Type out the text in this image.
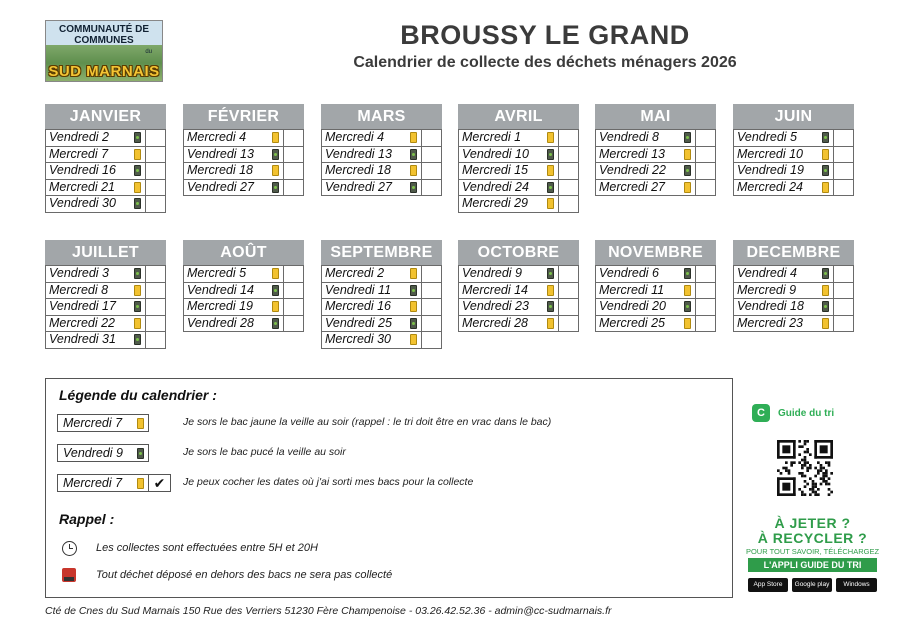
COMMUNAUTÉ DE
COMMUNES
du
SUD MARNAIS
BROUSSY LE GRAND
Calendrier de collecte des déchets ménagers 2026
JANVIER
Vendredi 2
Mercredi 7
Vendredi 16
Mercredi 21
Vendredi 30
FÉVRIER
Mercredi 4
Vendredi 13
Mercredi 18
Vendredi 27
MARS
Mercredi 4
Vendredi 13
Mercredi 18
Vendredi 27
AVRIL
Mercredi 1
Vendredi 10
Mercredi 15
Vendredi 24
Mercredi 29
MAI
Vendredi 8
Mercredi 13
Vendredi 22
Mercredi 27
JUIN
Vendredi 5
Mercredi 10
Vendredi 19
Mercredi 24
JUILLET
Vendredi 3
Mercredi 8
Vendredi 17
Mercredi 22
Vendredi 31
AOÛT
Mercredi 5
Vendredi 14
Mercredi 19
Vendredi 28
SEPTEMBRE
Mercredi 2
Vendredi 11
Mercredi 16
Vendredi 25
Mercredi 30
OCTOBRE
Vendredi 9
Mercredi 14
Vendredi 23
Mercredi 28
NOVEMBRE
Vendredi 6
Mercredi 11
Vendredi 20
Mercredi 25
DECEMBRE
Vendredi 4
Mercredi 9
Vendredi 18
Mercredi 23
Légende du calendrier :
Mercredi 7	Je sors le bac jaune la veille au soir (rappel : le tri doit être en vrac dans le bac)
Vendredi 9	Je sors le bac pucé la veille au soir
Mercredi 7	✔	Je peux cocher les dates où j'ai sorti mes bacs pour la collecte
Rappel :
Les collectes sont effectuées entre 5H et 20H
Tout déchet déposé en dehors des bacs ne sera pas collecté
Cté de Cnes du Sud Marnais 150 Rue des Verriers 51230 Fère Champenoise - 03.26.42.52.36 - admin@cc-sudmarnais.fr
C	Guide du tri
À JETER ?
À RECYCLER ?
POUR TOUT SAVOIR, TÉLÉCHARGEZ
L'APPLI GUIDE DU TRI
App Store	Google play	Windows Phone
